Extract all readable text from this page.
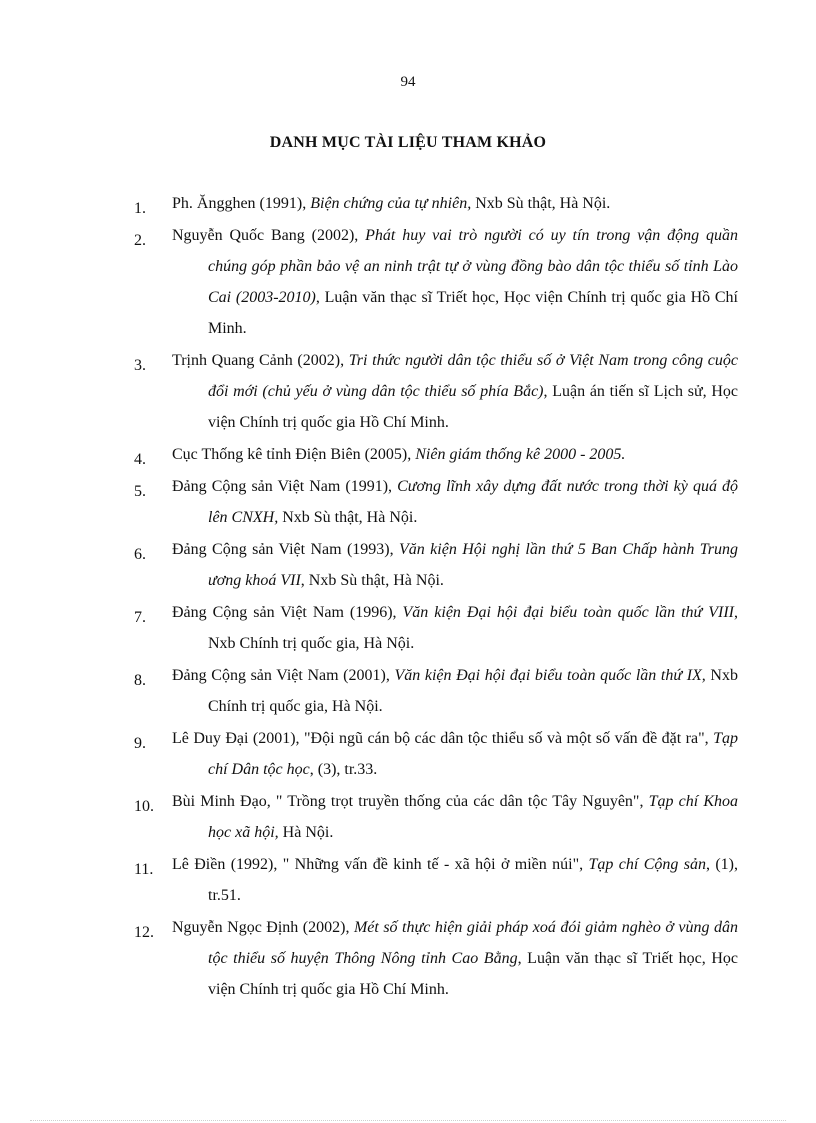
94
DANH MỤC TÀI LIỆU THAM KHẢO
1.	Ph. Ăngghen (1991), Biện chứng của tự nhiên, Nxb Sù thật, Hà Nội.
2.	Nguyễn Quốc Bang (2002), Phát huy vai trò người có uy tín trong vận động quần chúng góp phần bảo vệ an ninh trật tự ở vùng đồng bào dân tộc thiểu số tỉnh Lào Cai (2003-2010), Luận văn thạc sĩ Triết học, Học viện Chính trị quốc gia Hồ Chí Minh.
3.	Trịnh Quang Cảnh (2002), Tri thức người dân tộc thiểu số ở Việt Nam trong công cuộc đổi mới (chủ yếu ở vùng dân tộc thiểu số phía Bắc), Luận án tiến sĩ Lịch sử, Học viện Chính trị quốc gia Hồ Chí Minh.
4.	Cục Thống kê tỉnh Điện Biên (2005), Niên giám thống kê 2000 - 2005.
5.	Đảng Cộng sản Việt Nam (1991), Cương lĩnh xây dựng đất nước trong thời kỳ quá độ lên CNXH, Nxb Sù thật, Hà Nội.
6.	Đảng Cộng sản Việt Nam (1993), Văn kiện Hội nghị lần thứ 5 Ban Chấp hành Trung ương khoá VII, Nxb Sù thật, Hà Nội.
7.	Đảng Cộng sản Việt Nam (1996), Văn kiện Đại hội đại biểu toàn quốc lần thứ VIII, Nxb Chính trị quốc gia, Hà Nội.
8.	Đảng Cộng sản Việt Nam (2001), Văn kiện Đại hội đại biểu toàn quốc lần thứ IX, Nxb Chính trị quốc gia, Hà Nội.
9.	Lê Duy Đại (2001), "Đội ngũ cán bộ các dân tộc thiểu số và một số vấn đề đặt ra", Tạp chí Dân tộc học, (3), tr.33.
10.	Bùi Minh Đạo, " Trồng trọt truyền thống của các dân tộc Tây Nguyên", Tạp chí Khoa học xã hội, Hà Nội.
11.	Lê Điền (1992), " Những vấn đề kinh tế - xã hội ở miền núi", Tạp chí Cộng sản, (1), tr.51.
12.	Nguyễn Ngọc Định (2002), Mét số thực hiện giải pháp xoá đói giảm nghèo ở vùng dân tộc thiểu số huyện Thông Nông tỉnh Cao Bằng, Luận văn thạc sĩ Triết học, Học viện Chính trị quốc gia Hồ Chí Minh.
